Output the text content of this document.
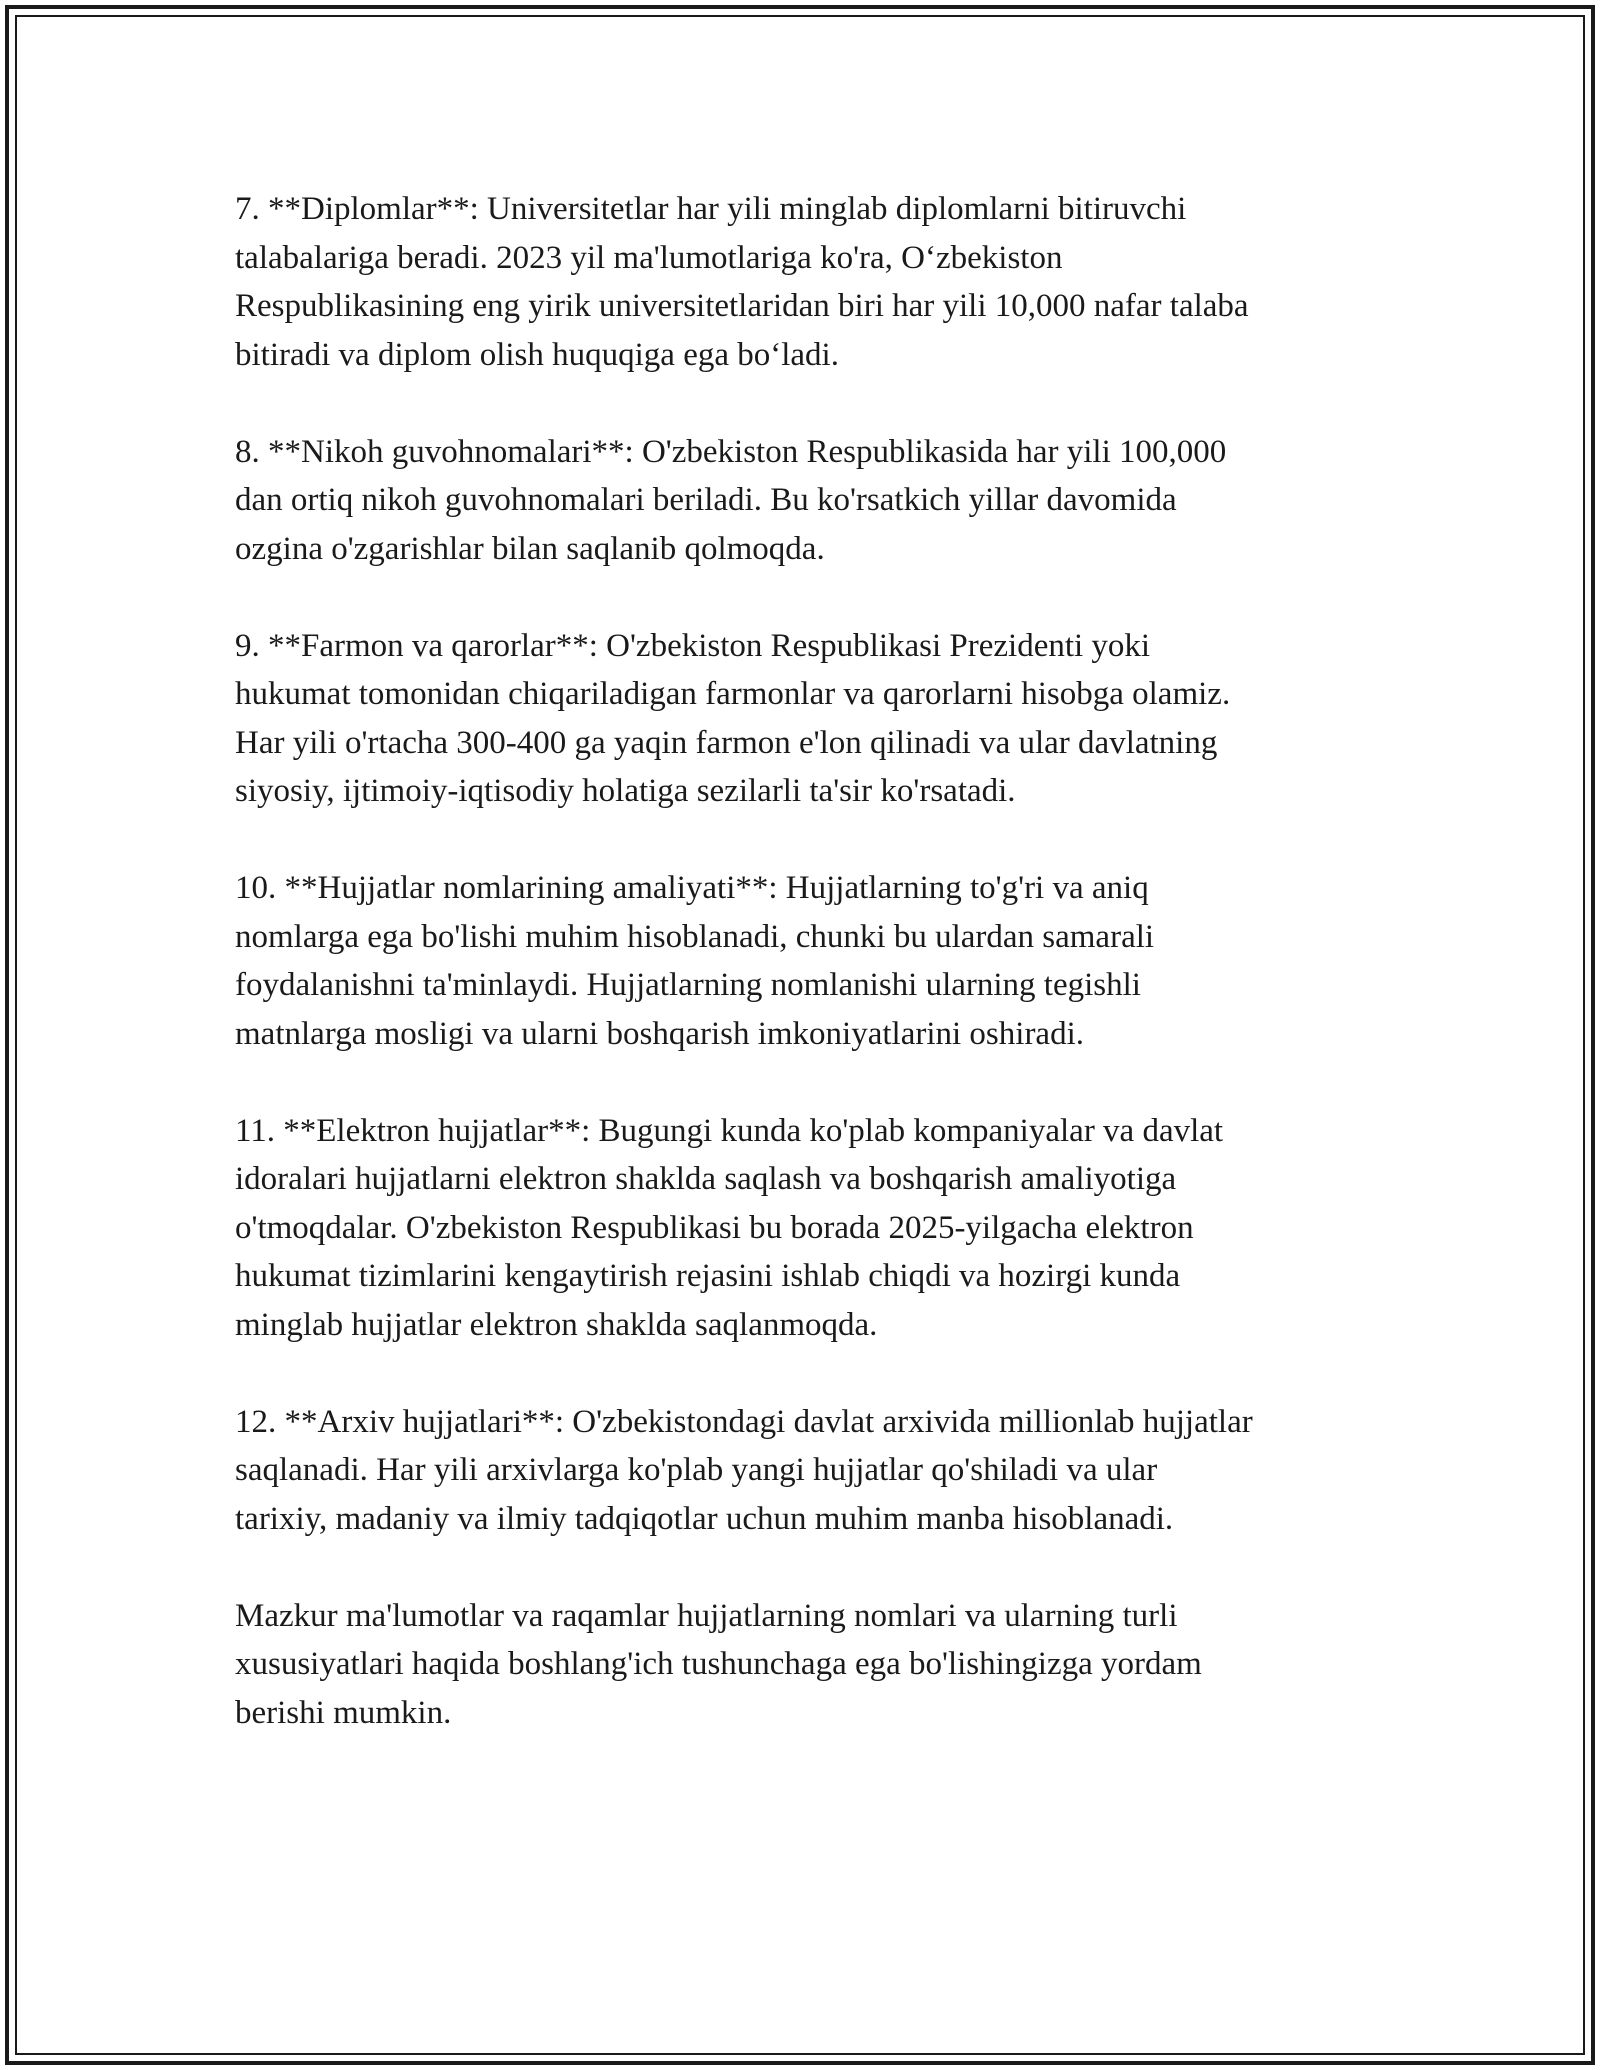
7. **Diplomlar**: Universitetlar har yili minglab diplomlarni bitiruvchi
talabalariga beradi. 2023 yil ma'lumotlariga ko'ra, O‘zbekiston
Respublikasining eng yirik universitetlaridan biri har yili 10,000 nafar talaba
bitiradi va diplom olish huquqiga ega bo‘ladi.

8. **Nikoh guvohnomalari**: O'zbekiston Respublikasida har yili 100,000
dan ortiq nikoh guvohnomalari beriladi. Bu ko'rsatkich yillar davomida
ozgina o'zgarishlar bilan saqlanib qolmoqda.

9. **Farmon va qarorlar**: O'zbekiston Respublikasi Prezidenti yoki
hukumat tomonidan chiqariladigan farmonlar va qarorlarni hisobga olamiz.
Har yili o'rtacha 300-400 ga yaqin farmon e'lon qilinadi va ular davlatning
siyosiy, ijtimoiy-iqtisodiy holatiga sezilarli ta'sir ko'rsatadi.

10. **Hujjatlar nomlarining amaliyati**: Hujjatlarning to'g'ri va aniq
nomlarga ega bo'lishi muhim hisoblanadi, chunki bu ulardan samarali
foydalanishni ta'minlaydi. Hujjatlarning nomlanishi ularning tegishli
matnlarga mosligi va ularni boshqarish imkoniyatlarini oshiradi.

11. **Elektron hujjatlar**: Bugungi kunda ko'plab kompaniyalar va davlat
idoralari hujjatlarni elektron shaklda saqlash va boshqarish amaliyotiga
o'tmoqdalar. O'zbekiston Respublikasi bu borada 2025-yilgacha elektron
hukumat tizimlarini kengaytirish rejasini ishlab chiqdi va hozirgi kunda
minglab hujjatlar elektron shaklda saqlanmoqda.

12. **Arxiv hujjatlari**: O'zbekistondagi davlat arxivida millionlab hujjatlar
saqlanadi. Har yili arxivlarga ko'plab yangi hujjatlar qo'shiladi va ular
tarixiy, madaniy va ilmiy tadqiqotlar uchun muhim manba hisoblanadi.

Mazkur ma'lumotlar va raqamlar hujjatlarning nomlari va ularning turli
xususiyatlari haqida boshlang'ich tushunchaga ega bo'lishingizga yordam
berishi mumkin.
